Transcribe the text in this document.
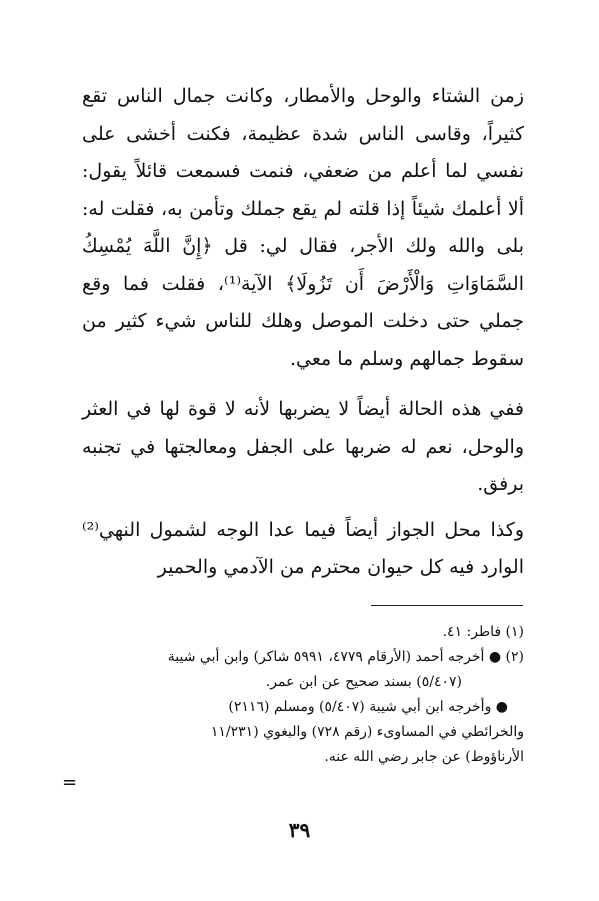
زمن الشتاء والوحل والأمطار، وكانت جمال الناس تقع كثيراً، وقاسى الناس شدة عظيمة، فكنت أخشى على نفسي لما أعلم من ضعفي، فنمت فسمعت قائلاً يقول: ألا أعلمك شيئاً إذا قلته لم يقع جملك وتأمن به، فقلت له: بلى والله ولك الأجر، فقال لي: قل ﴿إِنَّ اللَّهَ يُمْسِكُ السَّمَاوَاتِ وَالْأَرْضَ أَن تَزُولَا﴾ الآية⁽¹⁾، فقلت فما وقع جملي حتى دخلت الموصل وهلك للناس شيء كثير من سقوط جمالهم وسلم ما معي.

ففي هذه الحالة أيضاً لا يضربها لأنه لا قوة لها في العثر والوحل، نعم له ضربها على الجفل ومعالجتها في تجنبه برفق.

وكذا محل الجواز أيضاً فيما عدا الوجه لشمول النهي⁽²⁾ الوارد فيه كل حيوان محترم من الآدمي والحمير

(١) فاطر: ٤١.
(٢) ● أخرجه أحمد (الأرقام ٤٧٧٩، ٥٩٩١ شاكر) وابن أبي شيبة
(٥/٤٠٧) بسند صحيح عن ابن عمر.
● وأخرجه ابن أبي شيبة (٥/٤٠٧) ومسلم (٢١١٦)
والخرائطي في المساوىء (رقم ٧٢٨) والبغوي (١١/٢٣١
الأرناؤوط) عن جابر رضي الله عنه.
=
٣٩
